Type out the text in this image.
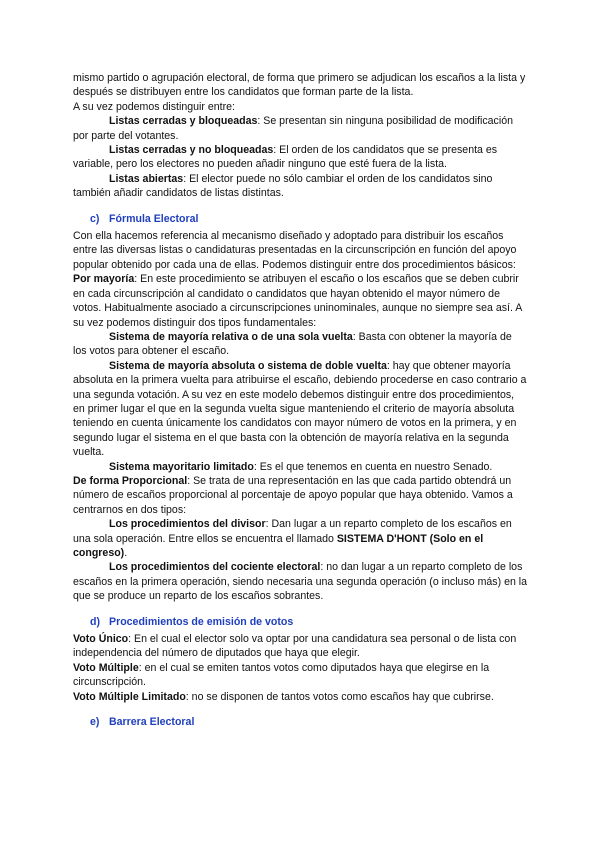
mismo partido o agrupación electoral, de forma que primero se adjudican los escaños a la lista y después se distribuyen entre los candidatos que forman parte de la lista.

A su vez podemos distinguir entre:

Listas cerradas y bloqueadas: Se presentan sin ninguna posibilidad de modificación por parte del votantes.

Listas cerradas y no bloqueadas: El orden de los candidatos que se presenta es variable, pero los electores no pueden añadir ninguno que esté fuera de la lista.

Listas abiertas: El elector puede no sólo cambiar el orden de los candidatos sino también añadir candidatos de listas distintas.

c) Fórmula Electoral

Con ella hacemos referencia al mecanismo diseñado y adoptado para distribuir los escaños entre las diversas listas o candidaturas presentadas en la circunscripción en función del apoyo popular obtenido por cada una de ellas. Podemos distinguir entre dos procedimientos básicos:

Por mayoría: En este procedimiento se atribuyen el escaño o los escaños que se deben cubrir en cada circunscripción al candidato o candidatos que hayan obtenido el mayor número de votos. Habitualmente asociado a circunscripciones uninominales, aunque no siempre sea así. A su vez podemos distinguir dos tipos fundamentales:

Sistema de mayoría relativa o de una sola vuelta: Basta con obtener la mayoría de los votos para obtener el escaño.

Sistema de mayoría absoluta o sistema de doble vuelta: hay que obtener mayoría absoluta en la primera vuelta para atribuirse el escaño, debiendo procederse en caso contrario a una segunda votación. A su vez en este modelo debemos distinguir entre dos procedimientos, en primer lugar el que en la segunda vuelta sigue manteniendo el criterio de mayoría absoluta teniendo en cuenta únicamente los candidatos con mayor número de votos en la primera, y en segundo lugar el sistema en el que basta con la obtención de mayoría relativa en la segunda vuelta.

Sistema mayoritario limitado: Es el que tenemos en cuenta en nuestro Senado.

De forma Proporcional: Se trata de una representación en las que cada partido obtendrá un número de escaños proporcional al porcentaje de apoyo popular que haya obtenido. Vamos a centrarnos en dos tipos:

Los procedimientos del divisor: Dan lugar a un reparto completo de los escaños en una sola operación. Entre ellos se encuentra el llamado SISTEMA D'HONT (Solo en el congreso).

Los procedimientos del cociente electoral: no dan lugar a un reparto completo de los escaños en la primera operación, siendo necesaria una segunda operación (o incluso más) en la que se produce un reparto de los escaños sobrantes.

d) Procedimientos de emisión de votos

Voto Único: En el cual el elector solo va optar por una candidatura sea personal o de lista con independencia del número de diputados que haya que elegir.

Voto Múltiple: en el cual se emiten tantos votos como diputados haya que elegirse en la circunscripción.

Voto Múltiple Limitado: no se disponen de tantos votos como escaños hay que cubrirse.

e) Barrera Electoral
